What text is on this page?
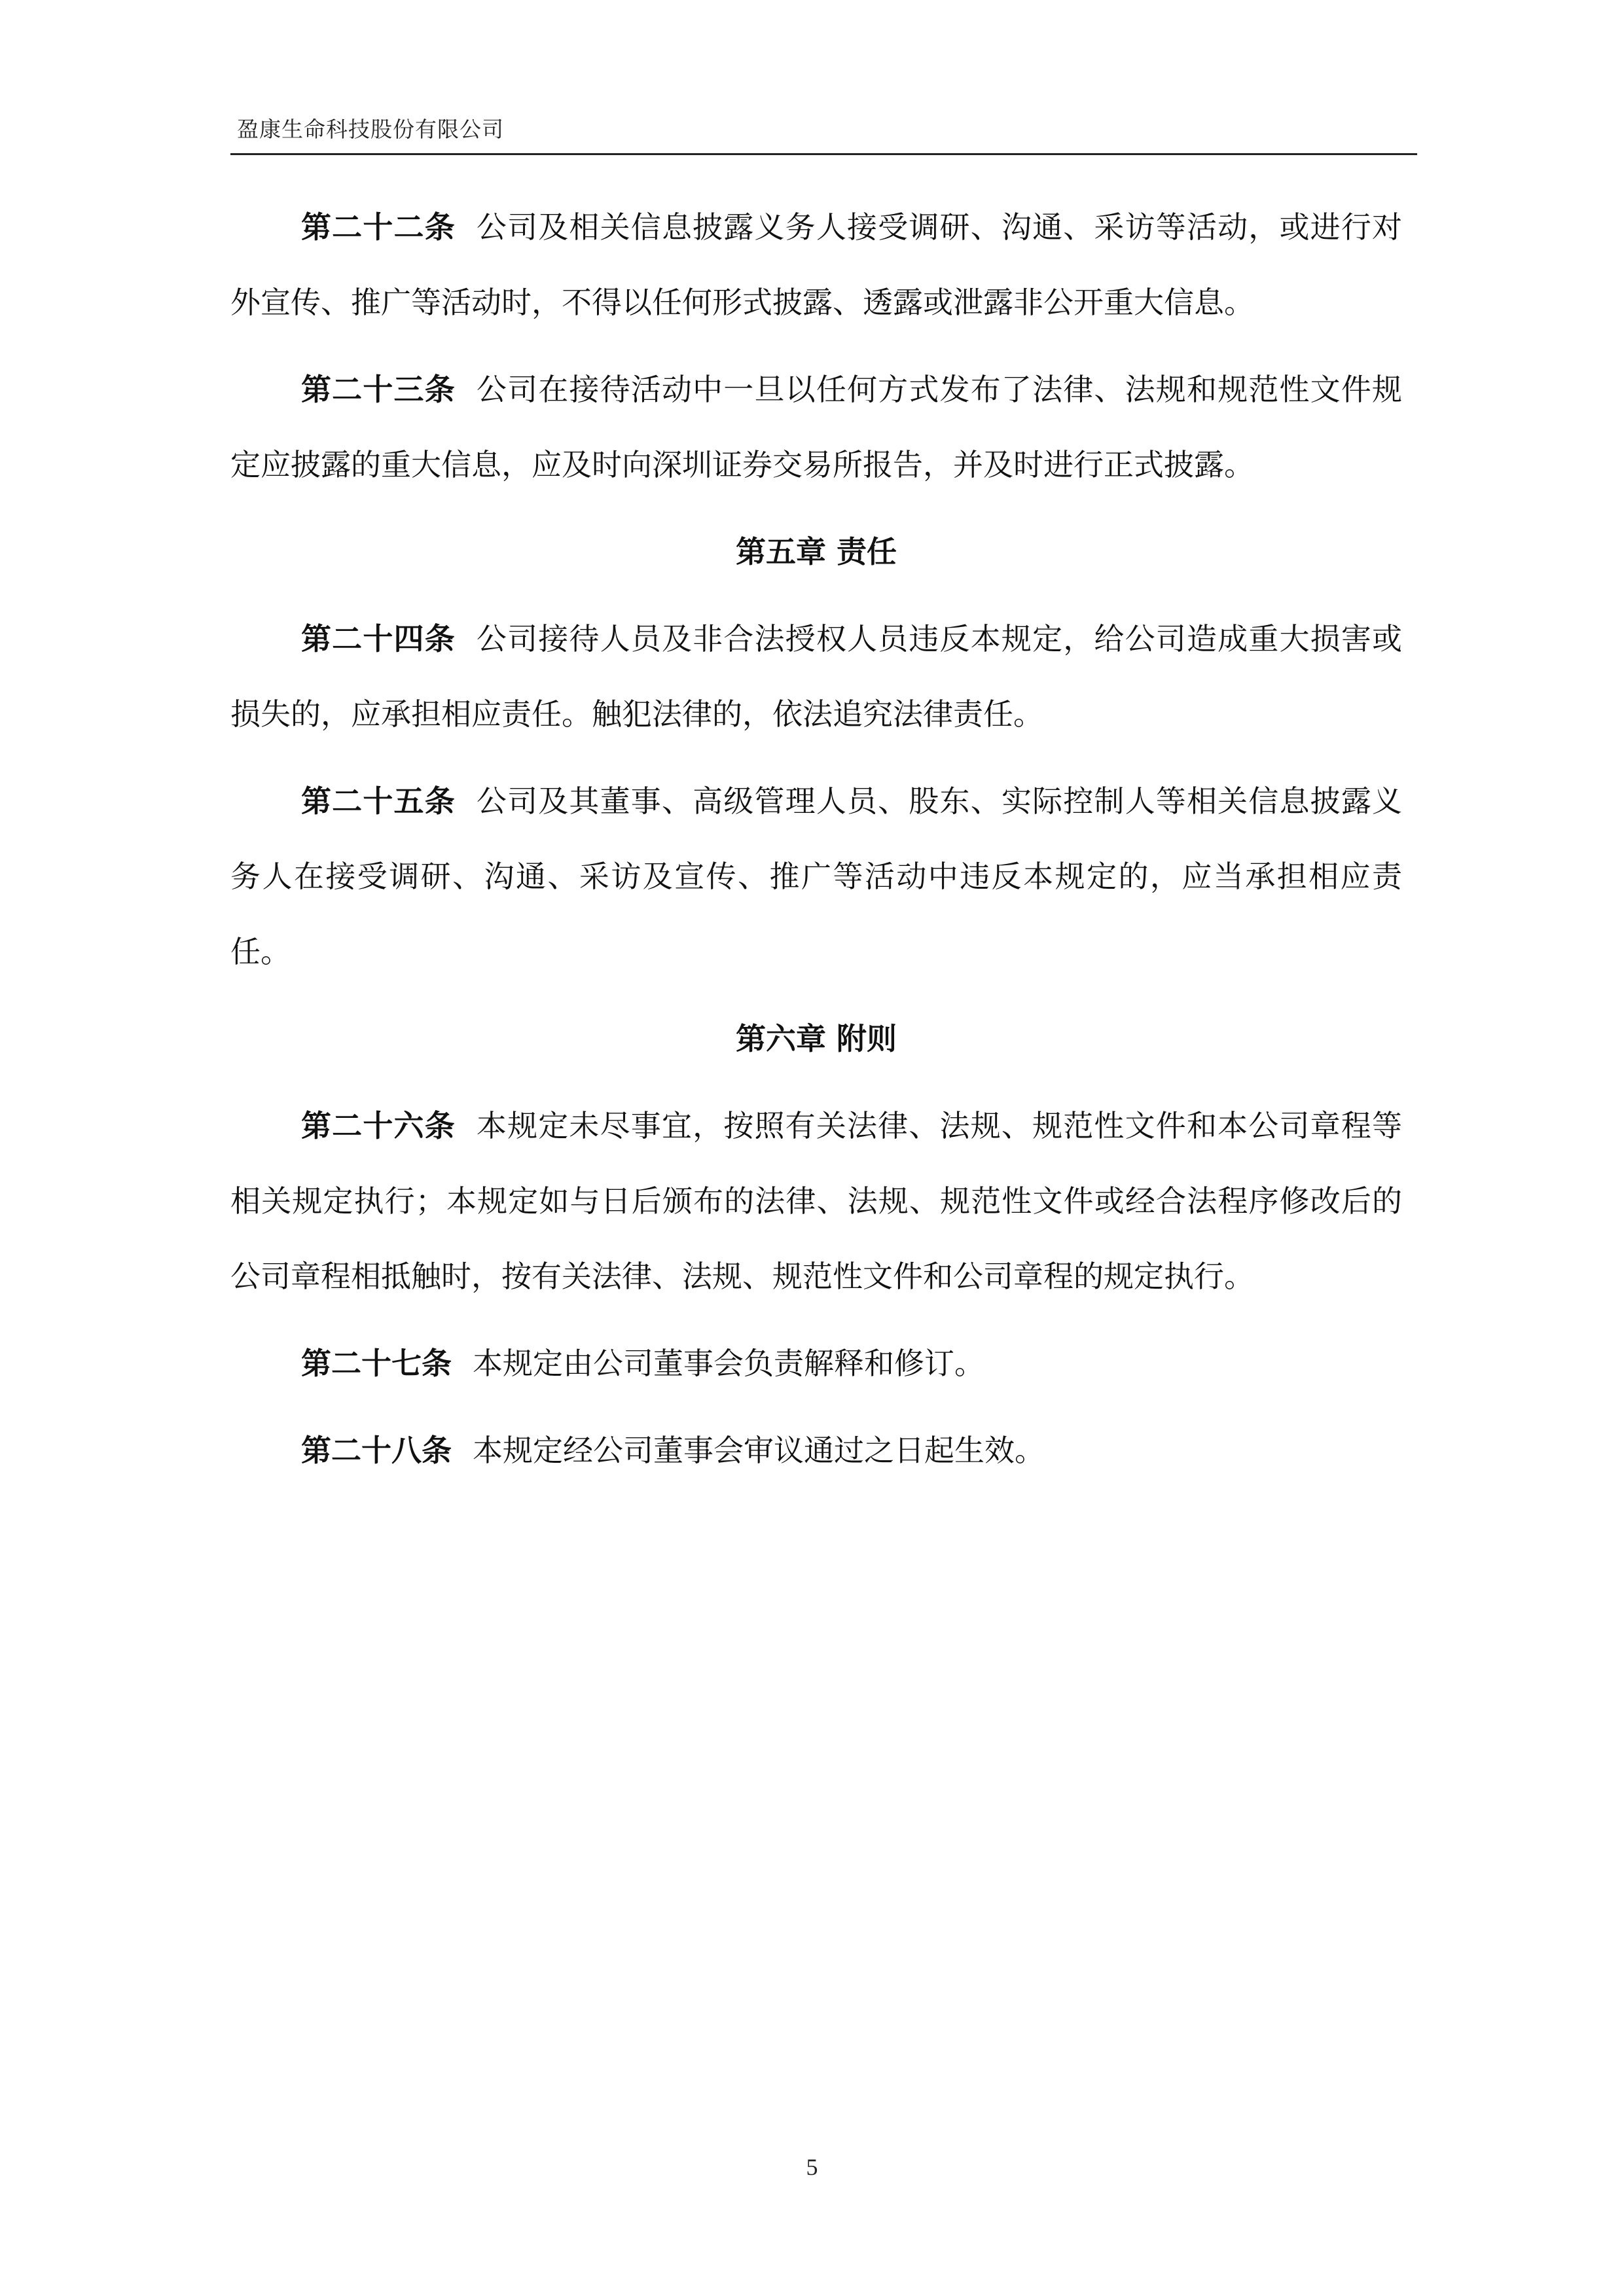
盈康生命科技股份有限公司

第二十二条 公司及相关信息披露义务人接受调研、沟通、采访等活动，或进行对外宣传、推广等活动时，不得以任何形式披露、透露或泄露非公开重大信息。

第二十三条 公司在接待活动中一旦以任何方式发布了法律、法规和规范性文件规定应披露的重大信息，应及时向深圳证券交易所报告，并及时进行正式披露。

第五章 责任

第二十四条 公司接待人员及非合法授权人员违反本规定，给公司造成重大损害或损失的，应承担相应责任。触犯法律的，依法追究法律责任。

第二十五条 公司及其董事、高级管理人员、股东、实际控制人等相关信息披露义务人在接受调研、沟通、采访及宣传、推广等活动中违反本规定的，应当承担相应责任。

第六章 附则

第二十六条 本规定未尽事宜，按照有关法律、法规、规范性文件和本公司章程等相关规定执行；本规定如与日后颁布的法律、法规、规范性文件或经合法程序修改后的公司章程相抵触时，按有关法律、法规、规范性文件和公司章程的规定执行。

第二十七条 本规定由公司董事会负责解释和修订。

第二十八条 本规定经公司董事会审议通过之日起生效。

5
